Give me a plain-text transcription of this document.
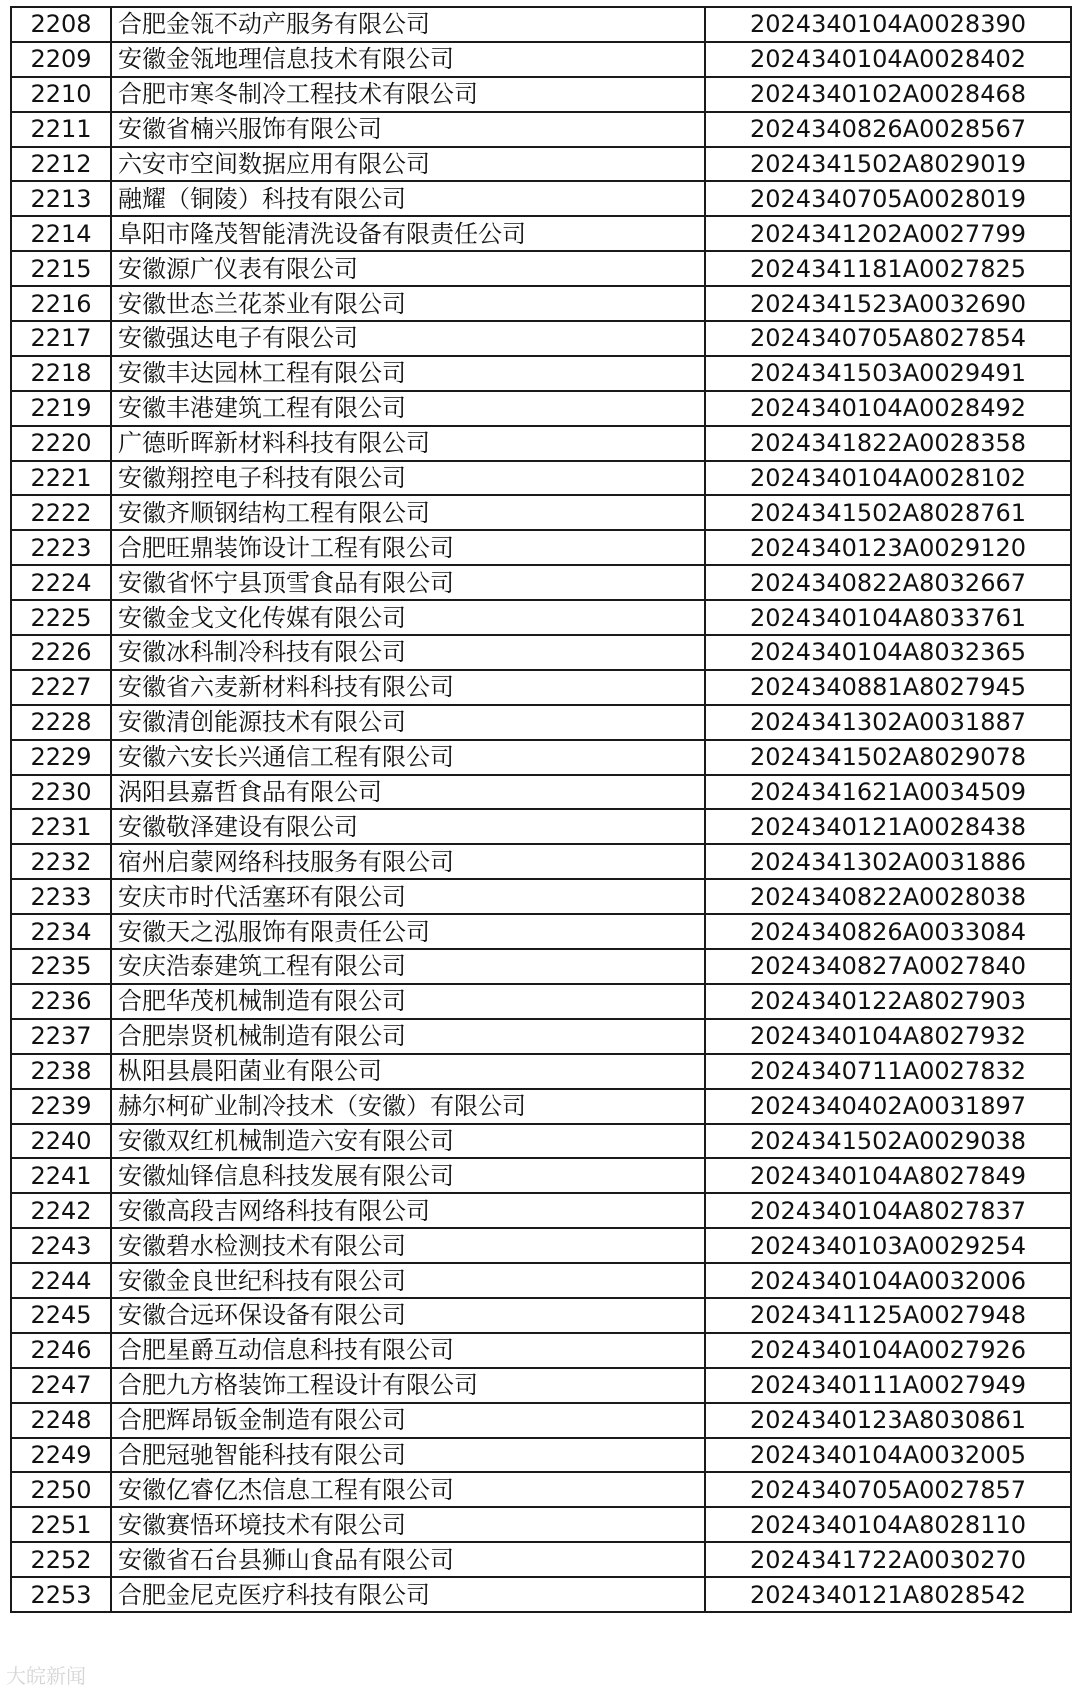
2208	合肥金瓴不动产服务有限公司	2024340104A0028390
2209	安徽金瓴地理信息技术有限公司	2024340104A0028402
2210	合肥市寒冬制冷工程技术有限公司	2024340102A0028468
2211	安徽省楠兴服饰有限公司	2024340826A0028567
2212	六安市空间数据应用有限公司	2024341502A8029019
2213	融耀（铜陵）科技有限公司	2024340705A0028019
2214	阜阳市隆茂智能清洗设备有限责任公司	2024341202A0027799
2215	安徽源广仪表有限公司	2024341181A0027825
2216	安徽世态兰花茶业有限公司	2024341523A0032690
2217	安徽强达电子有限公司	2024340705A8027854
2218	安徽丰达园林工程有限公司	2024341503A0029491
2219	安徽丰港建筑工程有限公司	2024340104A0028492
2220	广德昕晖新材料科技有限公司	2024341822A0028358
2221	安徽翔控电子科技有限公司	2024340104A0028102
2222	安徽齐顺钢结构工程有限公司	2024341502A8028761
2223	合肥旺鼎装饰设计工程有限公司	2024340123A0029120
2224	安徽省怀宁县顶雪食品有限公司	2024340822A8032667
2225	安徽金戈文化传媒有限公司	2024340104A8033761
2226	安徽冰科制冷科技有限公司	2024340104A8032365
2227	安徽省六麦新材料科技有限公司	2024340881A8027945
2228	安徽清创能源技术有限公司	2024341302A0031887
2229	安徽六安长兴通信工程有限公司	2024341502A8029078
2230	涡阳县嘉哲食品有限公司	2024341621A0034509
2231	安徽敬泽建设有限公司	2024340121A0028438
2232	宿州启蒙网络科技服务有限公司	2024341302A0031886
2233	安庆市时代活塞环有限公司	2024340822A0028038
2234	安徽天之泓服饰有限责任公司	2024340826A0033084
2235	安庆浩泰建筑工程有限公司	2024340827A0027840
2236	合肥华茂机械制造有限公司	2024340122A8027903
2237	合肥崇贤机械制造有限公司	2024340104A8027932
2238	枞阳县晨阳菌业有限公司	2024340711A0027832
2239	赫尔柯矿业制冷技术（安徽）有限公司	2024340402A0031897
2240	安徽双红机械制造六安有限公司	2024341502A0029038
2241	安徽灿铎信息科技发展有限公司	2024340104A8027849
2242	安徽高段吉网络科技有限公司	2024340104A8027837
2243	安徽碧水检测技术有限公司	2024340103A0029254
2244	安徽金良世纪科技有限公司	2024340104A0032006
2245	安徽合远环保设备有限公司	2024341125A0027948
2246	合肥星爵互动信息科技有限公司	2024340104A0027926
2247	合肥九方格装饰工程设计有限公司	2024340111A0027949
2248	合肥辉昂钣金制造有限公司	2024340123A8030861
2249	合肥冠驰智能科技有限公司	2024340104A0032005
2250	安徽亿睿亿杰信息工程有限公司	2024340705A0027857
2251	安徽赛悟环境技术有限公司	2024340104A8028110
2252	安徽省石台县狮山食品有限公司	2024341722A0030270
2253	合肥金尼克医疗科技有限公司	2024340121A8028542
大皖新闻
